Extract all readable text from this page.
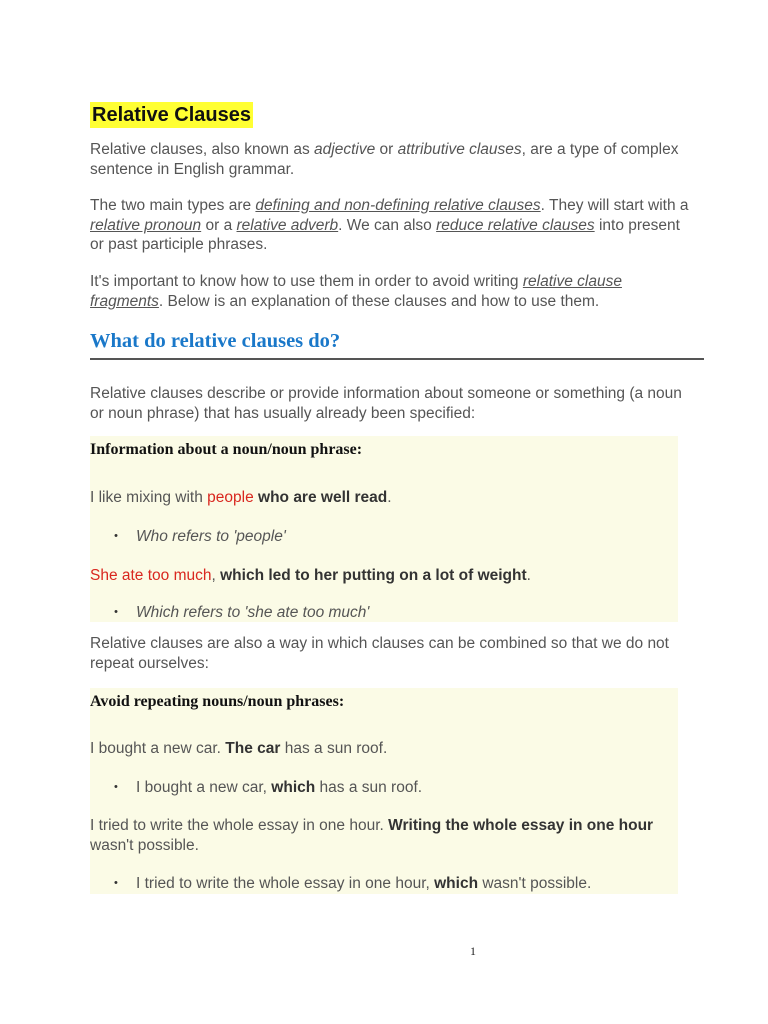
Relative Clauses

Relative clauses, also known as adjective or attributive clauses, are a type of complex sentence in English grammar.

The two main types are defining and non-defining relative clauses. They will start with a relative pronoun or a relative adverb. We can also reduce relative clauses into present or past participle phrases.

It's important to know how to use them in order to avoid writing relative clause fragments. Below is an explanation of these clauses and how to use them.

What do relative clauses do?

Relative clauses describe or provide information about someone or something (a noun or noun phrase) that has usually already been specified:

Information about a noun/noun phrase:

I like mixing with people who are well read.

• Who refers to 'people'

She ate too much, which led to her putting on a lot of weight.

• Which refers to 'she ate too much'

Relative clauses are also a way in which clauses can be combined so that we do not repeat ourselves:

Avoid repeating nouns/noun phrases:

I bought a new car. The car has a sun roof.

• I bought a new car, which has a sun roof.

I tried to write the whole essay in one hour. Writing the whole essay in one hour wasn't possible.

• I tried to write the whole essay in one hour, which wasn't possible.

1
